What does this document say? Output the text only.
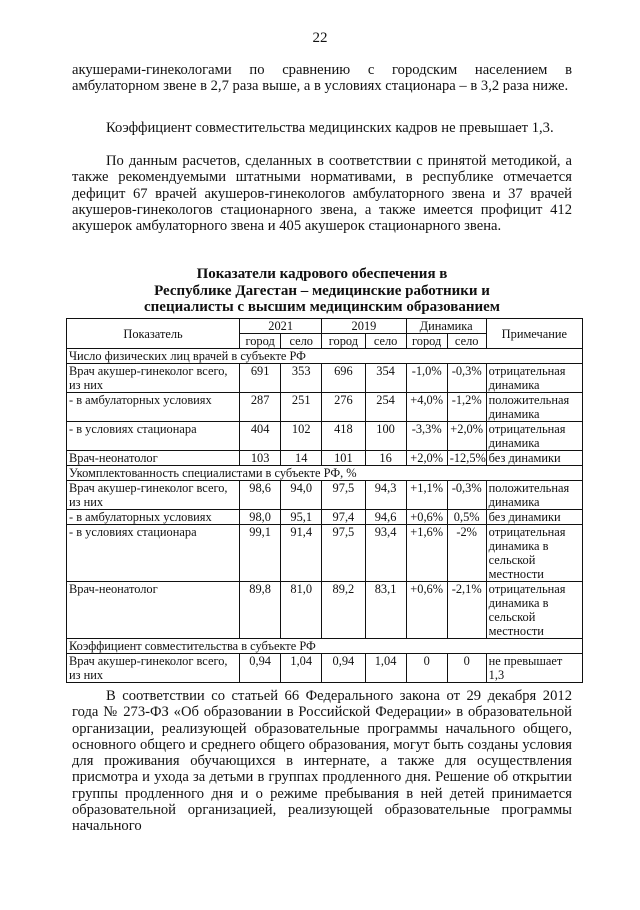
22

акушерами-гинекологами по сравнению с городским населением в амбулаторном звене в 2,7 раза выше, а в условиях стационара – в 3,2 раза ниже.

Коэффициент совместительства медицинских кадров не превышает 1,3.

По данным расчетов, сделанных в соответствии с принятой методикой, а также рекомендуемыми штатными нормативами, в республике отмечается дефицит 67 врачей акушеров-гинекологов амбулаторного звена и 37 врачей акушеров-гинекологов стационарного звена, а также имеется профицит 412 акушерок амбулаторного звена и 405 акушерок стационарного звена.

Показатели кадрового обеспечения в
Республике Дагестан – медицинские работники и
специалисты с высшим медицинским образованием
Показатель	2021		2019		Динамика		Примечание
	город	село	город	село	город	село	
Число физических лиц врачей в субъекте РФ							
Врач акушер-гинеколог всего, из них	691	353	696	354	-1,0%	-0,3%	отрицательная динамика
- в амбулаторных условиях	287	251	276	254	+4,0%	-1,2%	положительная динамика
- в условиях стационара	404	102	418	100	-3,3%	+2,0%	отрицательная динамика
Врач-неонатолог	103	14	101	16	+2,0%	-12,5%	без динамики
Укомплектованность специалистами в субъекте РФ, %							
Врач акушер-гинеколог всего, из них	98,6	94,0	97,5	94,3	+1,1%	-0,3%	положительная динамика
- в амбулаторных условиях	98,0	95,1	97,4	94,6	+0,6%	0,5%	без динамики
- в условиях стационара	99,1	91,4	97,5	93,4	+1,6%	-2%	отрицательная динамика в сельской местности
Врач-неонатолог	89,8	81,0	89,2	83,1	+0,6%	-2,1%	отрицательная динамика в сельской местности
Коэффициент совместительства в субъекте РФ							
Врач акушер-гинеколог всего, из них	0,94	1,04	0,94	1,04	0	0	не превышает 1,3

В соответствии со статьей 66 Федерального закона от 29 декабря 2012 года № 273-ФЗ «Об образовании в Российской Федерации» в образовательной организации, реализующей образовательные программы начального общего, основного общего и среднего общего образования, могут быть созданы условия для проживания обучающихся в интернате, а также для осуществления присмотра и ухода за детьми в группах продленного дня. Решение об открытии группы продленного дня и о режиме пребывания в ней детей принимается образовательной организацией, реализующей образовательные программы начального
